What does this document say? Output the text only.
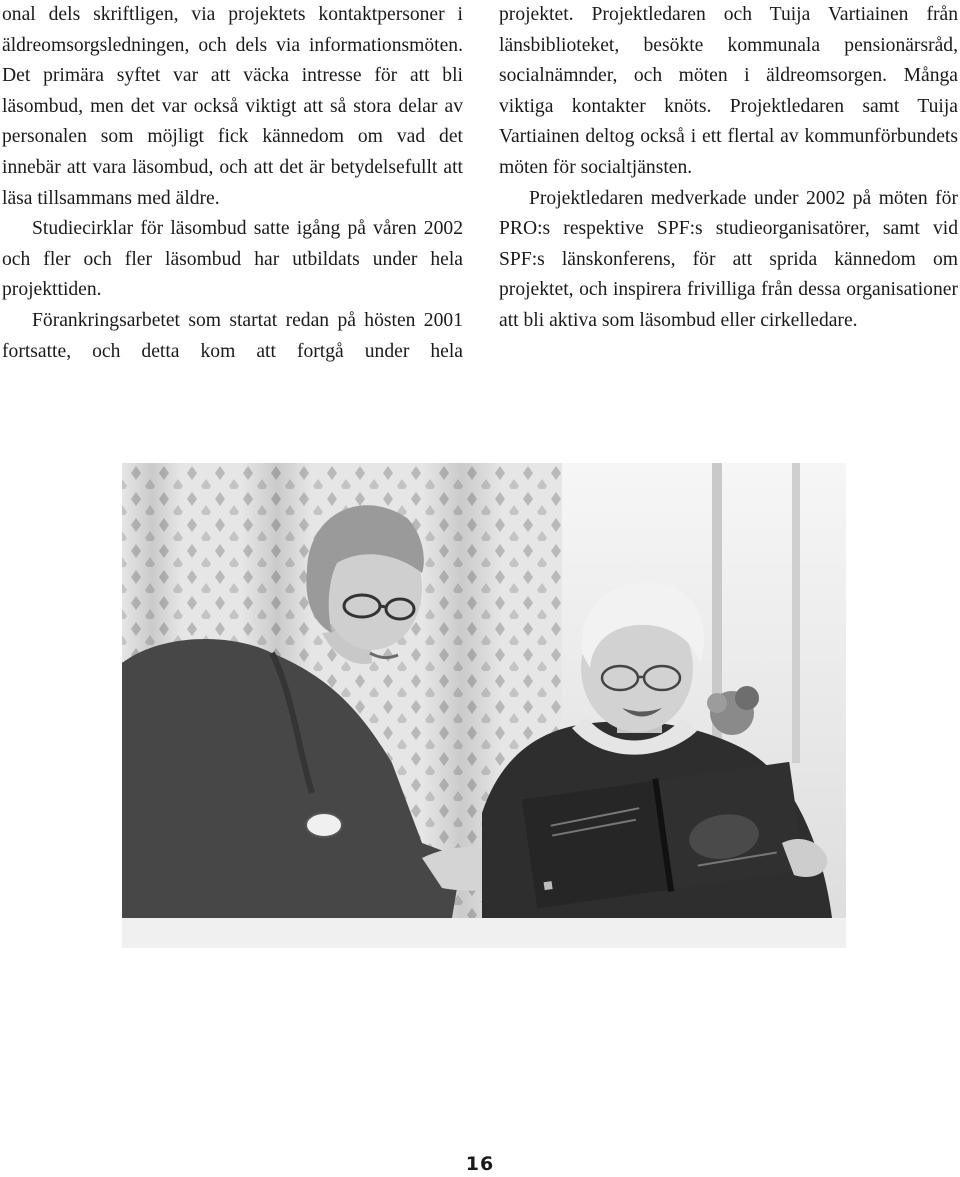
onal dels skriftligen, via projektets kontaktpersoner i äldreomsorgsledningen, och dels via informationsmöten. Det primära syftet var att väcka intresse för att bli läsombud, men det var också viktigt att så stora delar av personalen som möjligt fick kännedom om vad det innebär att vara läsombud, och att det är betydelsefullt att läsa tillsammans med äldre.

Studiecirklar för läsombud satte igång på våren 2002 och fler och fler läsombud har utbildats under hela projekttiden.

Förankringsarbetet som startat redan på hösten 2001 fortsatte, och detta kom att fortgå under hela

projektet. Projektledaren och Tuija Vartiainen från länsbiblioteket, besökte kommunala pensionärsråd, socialnämnder, och möten i äldreomsorgen. Många viktiga kontakter knöts. Projektledaren samt Tuija Vartiainen deltog också i ett flertal av kommunförbundets möten för socialtjänsten.

Projektledaren medverkade under 2002 på möten för PRO:s respektive SPF:s studieorganisatörer, samt vid SPF:s länskonferens, för att sprida kännedom om projektet, och inspirera frivilliga från dessa organisationer att bli aktiva som läsombud eller cirkelledare.

16
